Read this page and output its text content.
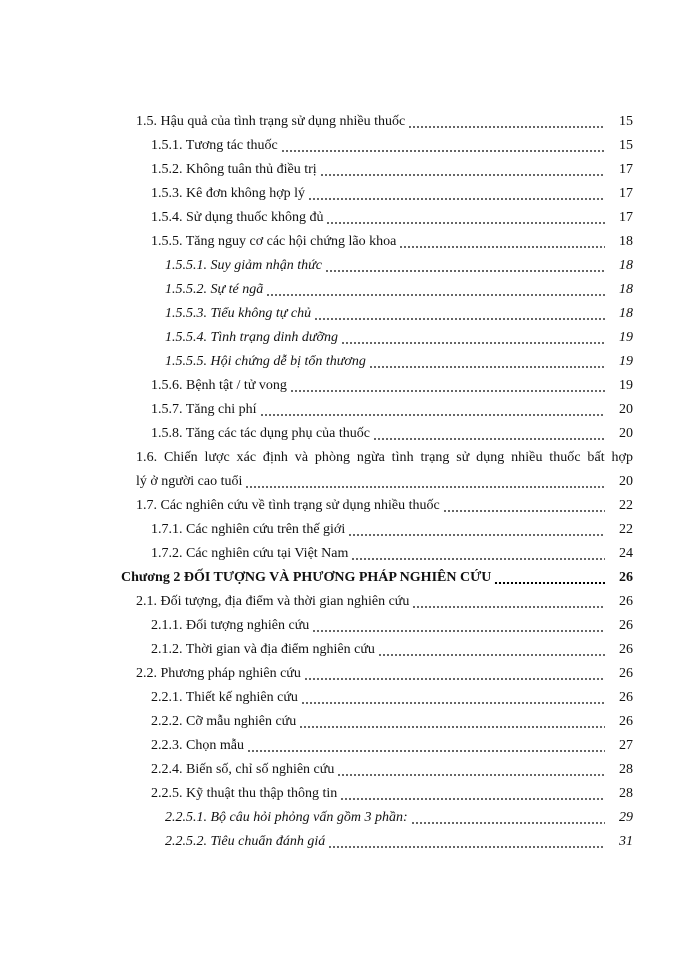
1.5. Hậu quả của tình trạng sử dụng nhiều thuốc	15
1.5.1. Tương tác thuốc	15
1.5.2. Không tuân thủ điều trị	17
1.5.3. Kê đơn không hợp lý	17
1.5.4. Sử dụng thuốc không đủ	17
1.5.5. Tăng nguy cơ các hội chứng lão khoa	18
1.5.5.1. Suy giảm nhận thức	18
1.5.5.2. Sự té ngã	18
1.5.5.3. Tiểu không tự chủ	18
1.5.5.4. Tình trạng dinh dưỡng	19
1.5.5.5. Hội chứng dễ bị tổn thương	19
1.5.6. Bệnh tật / tử vong	19
1.5.7. Tăng chi phí	20
1.5.8. Tăng các tác dụng phụ của thuốc	20
1.6. Chiến lược xác định và phòng ngừa tình trạng sử dụng nhiều thuốc bất hợp
lý ở người cao tuổi	20
1.7. Các nghiên cứu về tình trạng sử dụng nhiều thuốc	22
1.7.1. Các nghiên cứu trên thế giới	22
1.7.2. Các nghiên cứu tại Việt Nam	24
Chương 2 ĐỐI TƯỢNG VÀ PHƯƠNG PHÁP NGHIÊN CỨU	26
2.1. Đối tượng, địa điểm và thời gian nghiên cứu	26
2.1.1. Đối tượng nghiên cứu	26
2.1.2. Thời gian và địa điểm nghiên cứu	26
2.2. Phương pháp nghiên cứu	26
2.2.1. Thiết kế nghiên cứu	26
2.2.2. Cỡ mẫu nghiên cứu	26
2.2.3. Chọn mẫu	27
2.2.4. Biến số, chỉ số nghiên cứu	28
2.2.5. Kỹ thuật thu thập thông tin	28
2.2.5.1. Bộ câu hỏi phỏng vấn gồm 3 phần:	29
2.2.5.2. Tiêu chuẩn đánh giá	31
